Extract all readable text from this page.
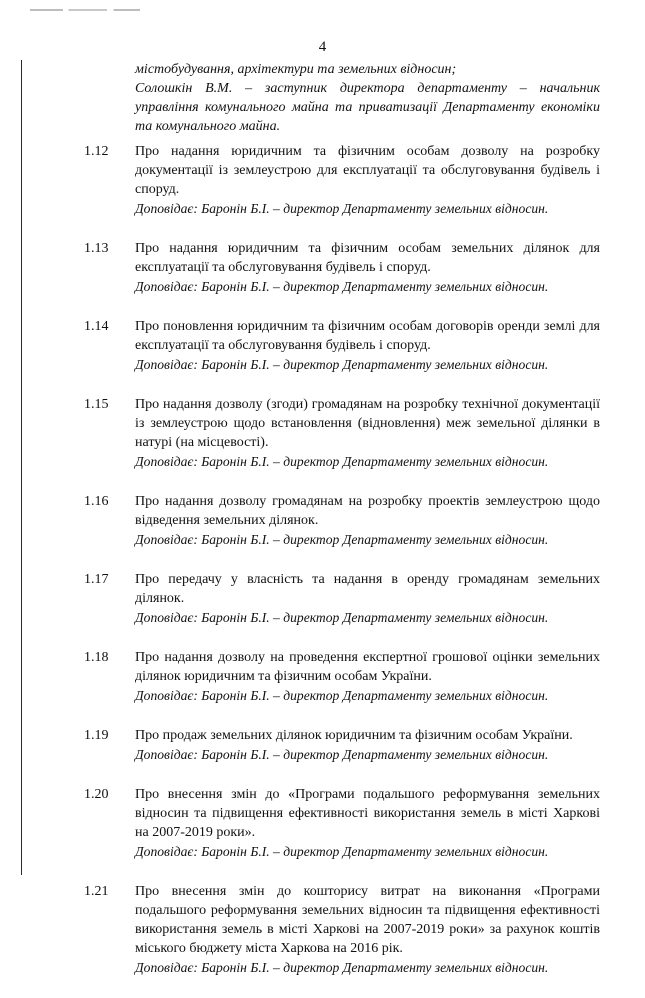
4

містобудування, архітектури та земельних відносин;

Солошкін В.М. – заступник директора департаменту – начальник управління комунального майна та приватизації Департаменту економіки та комунального майна.

1.12 Про надання юридичним та фізичним особам дозволу на розробку документації із землеустрою для експлуатації та обслуговування будівель і споруд.

Доповідає: Баронін Б.І. – директор Департаменту земельних відносин.

1.13 Про надання юридичним та фізичним особам земельних ділянок для експлуатації та обслуговування будівель і споруд.

Доповідає: Баронін Б.І. – директор Департаменту земельних відносин.

1.14 Про поновлення юридичним та фізичним особам договорів оренди землі для експлуатації та обслуговування будівель і споруд.

Доповідає: Баронін Б.І. – директор Департаменту земельних відносин.

1.15 Про надання дозволу (згоди) громадянам на розробку технічної документації із землеустрою щодо встановлення (відновлення) меж земельної ділянки в натурі (на місцевості).

Доповідає: Баронін Б.І. – директор Департаменту земельних відносин.

1.16 Про надання дозволу громадянам на розробку проектів землеустрою щодо відведення земельних ділянок.

Доповідає: Баронін Б.І. – директор Департаменту земельних відносин.

1.17 Про передачу у власність та надання в оренду громадянам земельних ділянок.

Доповідає: Баронін Б.І. – директор Департаменту земельних відносин.

1.18 Про надання дозволу на проведення експертної грошової оцінки земельних ділянок юридичним та фізичним особам України.

Доповідає: Баронін Б.І. – директор Департаменту земельних відносин.

1.19 Про продаж земельних ділянок юридичним та фізичним особам України.

Доповідає: Баронін Б.І. – директор Департаменту земельних відносин.

1.20 Про внесення змін до «Програми подальшого реформування земельних відносин та підвищення ефективності використання земель в місті Харкові на 2007-2019 роки».

Доповідає: Баронін Б.І. – директор Департаменту земельних відносин.

1.21 Про внесення змін до кошторису витрат на виконання «Програми подальшого реформування земельних відносин та підвищення ефективності використання земель в місті Харкові на 2007-2019 роки» за рахунок коштів міського бюджету міста Харкова на 2016 рік.

Доповідає: Баронін Б.І. – директор Департаменту земельних відносин.
